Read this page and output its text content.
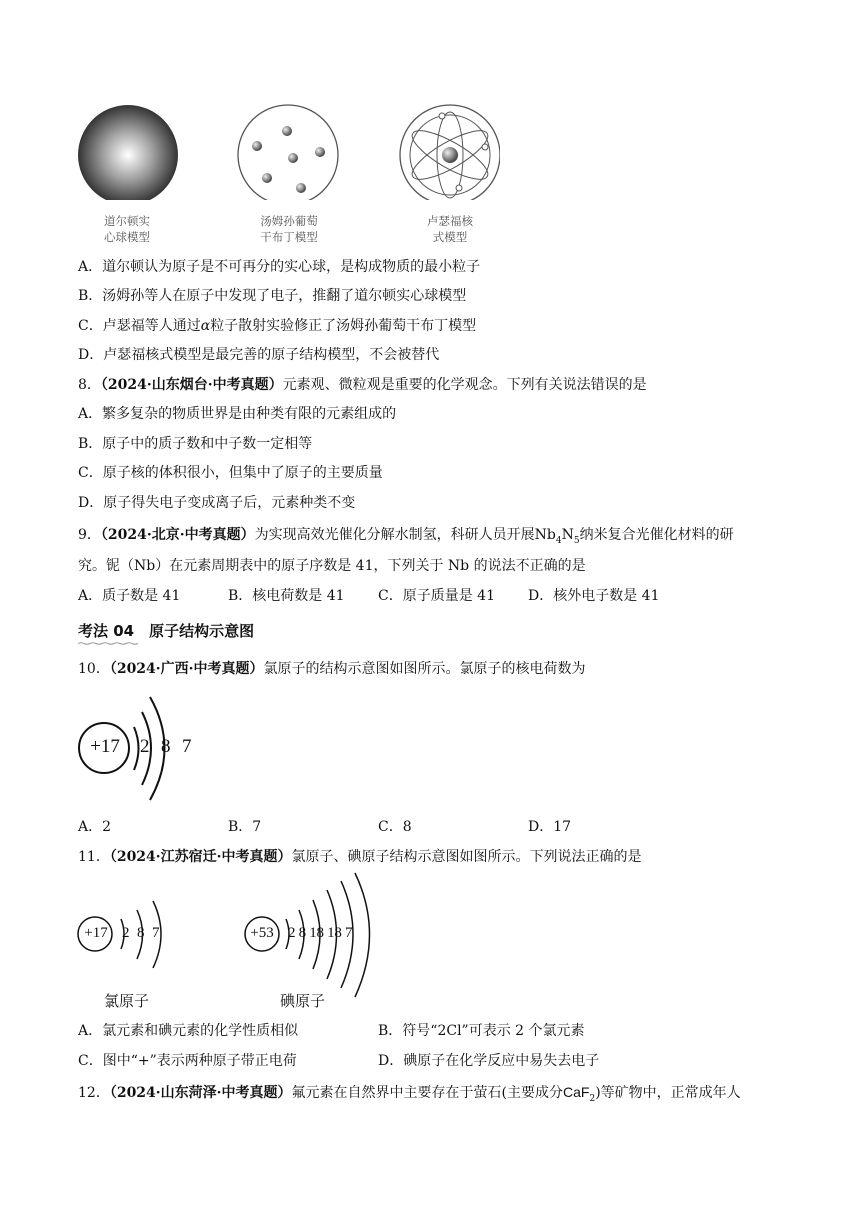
道尔顿实
心球模型
汤姆孙葡萄
干布丁模型
卢瑟福核
式模型
A．道尔顿认为原子是不可再分的实心球，是构成物质的最小粒子
B．汤姆孙等人在原子中发现了电子，推翻了道尔顿实心球模型
C．卢瑟福等人通过α粒子散射实验修正了汤姆孙葡萄干布丁模型
D．卢瑟福核式模型是最完善的原子结构模型，不会被替代
8．（2024·山东烟台·中考真题）元素观、微粒观是重要的化学观念。下列有关说法错误的是
A．繁多复杂的物质世界是由种类有限的元素组成的
B．原子中的质子数和中子数一定相等
C．原子核的体积很小，但集中了原子的主要质量
D．原子得失电子变成离子后，元素种类不变
9．（2024·北京·中考真题）为实现高效光催化分解水制氢，科研人员开展$Nb_4N_5$纳米复合光催化材料的研
究。铌（Nb）在元素周期表中的原子序数是 41，下列关于 Nb 的说法不正确的是
A．质子数是 41	B．核电荷数是 41 C．原子质量是 41 D．核外电子数是 41
考法 04　原子结构示意图
10．（2024·广西·中考真题）氯原子的结构示意图如图所示。氯原子的核电荷数为
+17	2 8 7
A．2	B．7	C．8	D．17
11．（2024·江苏宿迁·中考真题）氯原子、碘原子结构示意图如图所示。下列说法正确的是
+17 2  8  7	+53 2 8 18 18 7
氯原子	碘原子
A．氯元素和碘元素的化学性质相似	B．符号“2Cl”可表示 2 个氯元素
C．图中“+”表示两种原子带正电荷	D．碘原子在化学反应中易失去电子
12．（2024·山东菏泽·中考真题）氟元素在自然界中主要存在于萤石(主要成分CaF$_2$)等矿物中，正常成年人
